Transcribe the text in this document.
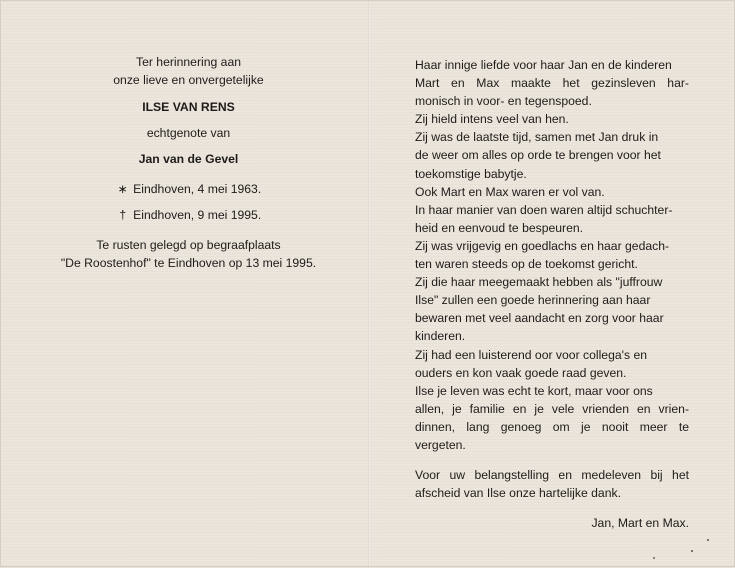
Ter herinnering aan

onze lieve en onvergetelijke

ILSE VAN RENS

echtgenote van

Jan van de Gevel

∗ Eindhoven, 4 mei 1963.

† Eindhoven, 9 mei 1995.

Te rusten gelegd op begraafplaats

"De Roostenhof" te Eindhoven op 13 mei 1995.

Haar innige liefde voor haar Jan en de kinderen
Mart en Max maakte het gezinsleven har-
monisch in voor- en tegenspoed.
Zij hield intens veel van hen.
Zij was de laatste tijd, samen met Jan druk in
de weer om alles op orde te brengen voor het
toekomstige babytje.
Ook Mart en Max waren er vol van.
In haar manier van doen waren altijd schuchter-
heid en eenvoud te bespeuren.
Zij was vrijgevig en goedlachs en haar gedach-
ten waren steeds op de toekomst gericht.
Zij die haar meegemaakt hebben als "juffrouw
Ilse" zullen een goede herinnering aan haar
bewaren met veel aandacht en zorg voor haar
kinderen.
Zij had een luisterend oor voor collega's en
ouders en kon vaak goede raad geven.
Ilse je leven was echt te kort, maar voor ons
allen, je familie en je vele vrienden en vrien-
dinnen, lang genoeg om je nooit meer te
vergeten.
Voor uw belangstelling en medeleven bij het
afscheid van Ilse onze hartelijke dank.
Jan, Mart en Max.
